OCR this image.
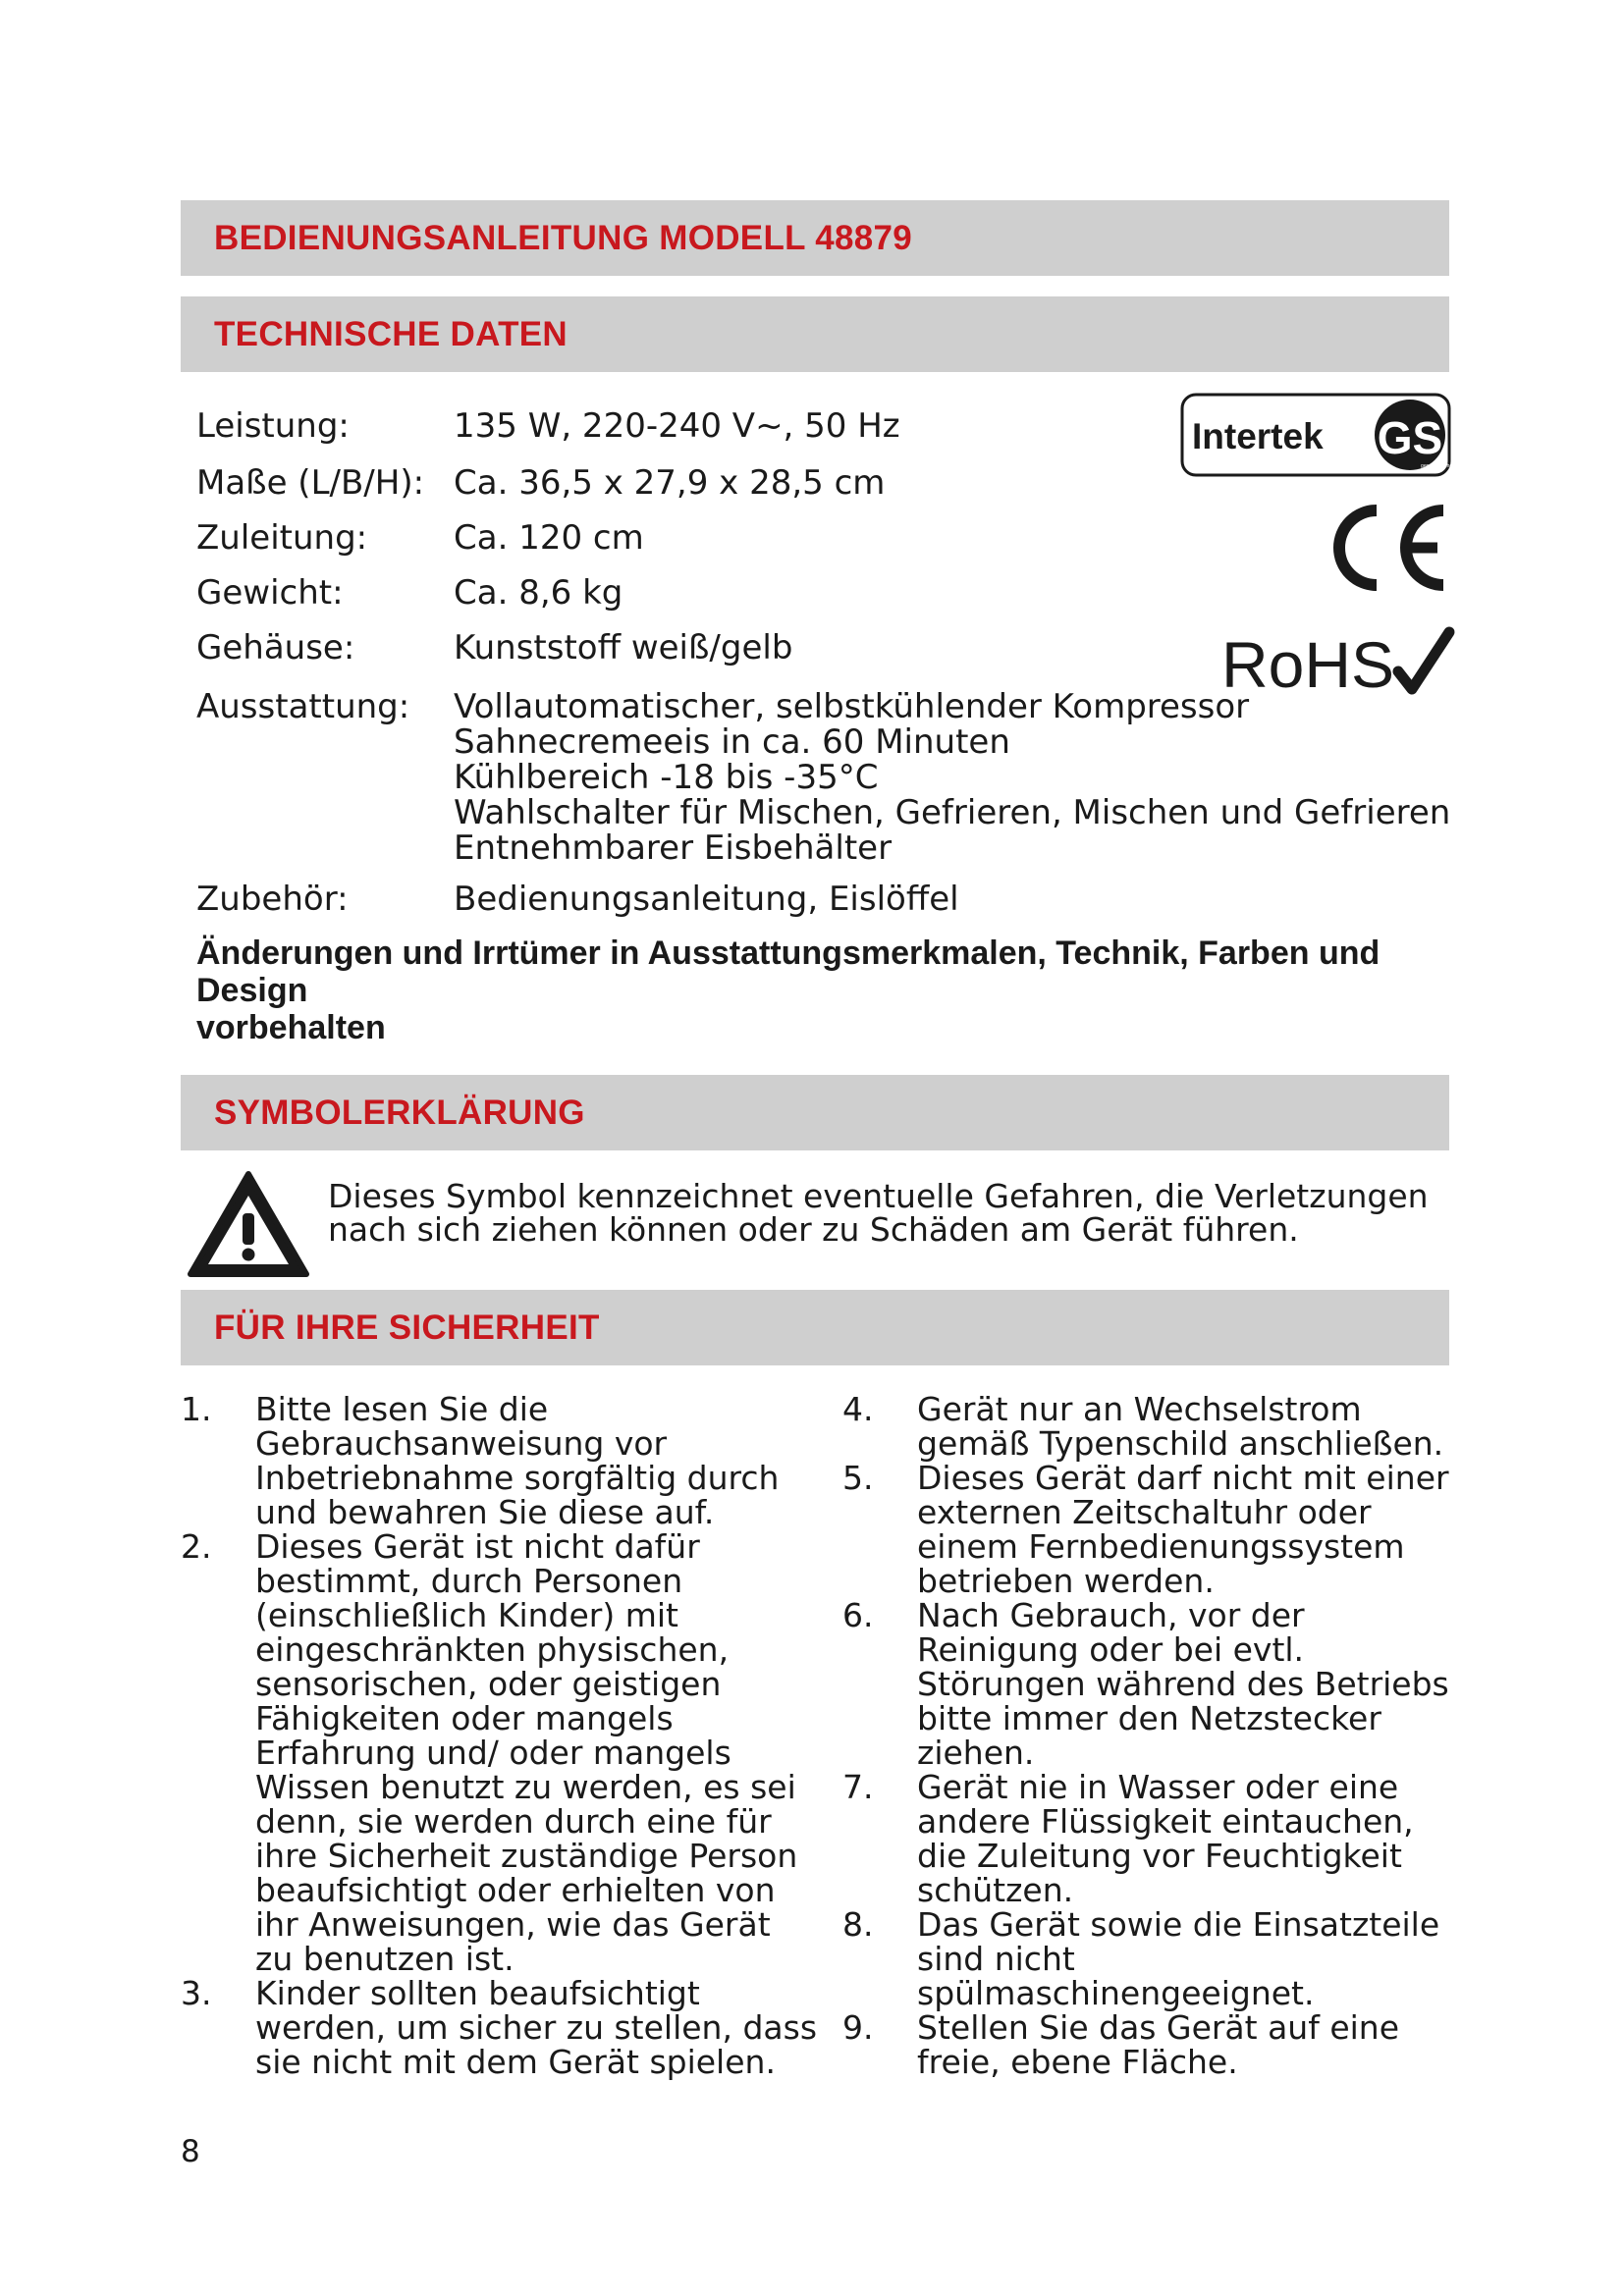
BEDIENUNGSANLEITUNG MODELL 48879
TECHNISCHE DATEN
Leistung:	135 W, 220-240 V~, 50 Hz
Maße (L/B/H): Ca. 36,5 x 27,9 x 28,5 cm
Zuleitung:	Ca. 120 cm
Gewicht:	Ca. 8,6 kg
Gehäuse:	Kunststoff weiß/gelb
Ausstattung: Vollautomatischer, selbstkühlender Kompressor
Sahnecremeeis in ca. 60 Minuten
Kühlbereich -18 bis -35°C
Wahlschalter für Mischen, Gefrieren, Mischen und Gefrieren
Entnehmbarer Eisbehälter
Zubehör:	Bedienungsanleitung, Eislöffel
Änderungen und Irrtümer in Ausstattungsmerkmalen, Technik, Farben und Design
vorbehalten
Intertek GS
geprüfte Sicherheit
CE
RoHS
SYMBOLERKLÄRUNG
Dieses Symbol kennzeichnet eventuelle Gefahren, die Verletzungen
nach sich ziehen können oder zu Schäden am Gerät führen.
FÜR IHRE SICHERHEIT
1. Bitte lesen Sie die Gebrauchsanweisung vor Inbetriebnahme sorgfältig durch und bewahren Sie diese auf.
2. Dieses Gerät ist nicht dafür bestimmt, durch Personen (einschließlich Kinder) mit eingeschränkten physischen, sensorischen, oder geistigen Fähigkeiten oder mangels Erfahrung und/ oder mangels Wissen benutzt zu werden, es sei denn, sie werden durch eine für ihre Sicherheit zuständige Person beaufsichtigt oder erhielten von ihr Anweisungen, wie das Gerät zu benutzen ist.
3. Kinder sollten beaufsichtigt werden, um sicher zu stellen, dass sie nicht mit dem Gerät spielen.
4. Gerät nur an Wechselstrom gemäß Typenschild anschließen.
5. Dieses Gerät darf nicht mit einer externen Zeitschaltuhr oder einem Fernbedienungssystem betrieben werden.
6. Nach Gebrauch, vor der Reinigung oder bei evtl. Störungen während des Betriebs bitte immer den Netzstecker ziehen.
7. Gerät nie in Wasser oder eine andere Flüssigkeit eintauchen, die Zuleitung vor Feuchtigkeit schützen.
8. Das Gerät sowie die Einsatzteile sind nicht spülmaschinengeeignet.
9. Stellen Sie das Gerät auf eine freie, ebene Fläche.
8
